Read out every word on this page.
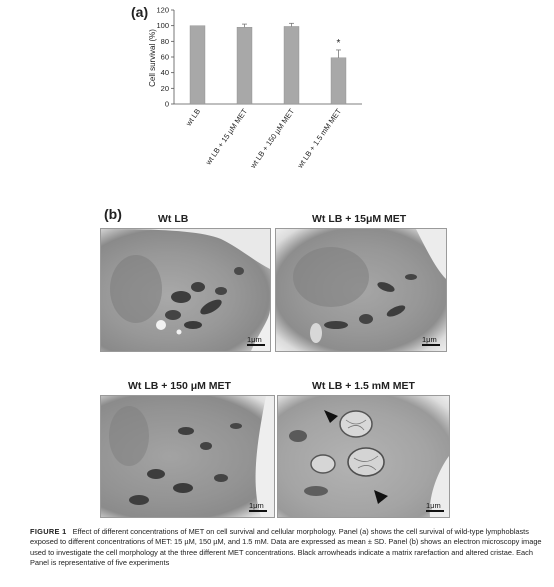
(a)
Cell survival (%)
0
20
40
60
80
100
120
wt LB wt LB + 15 µM MET wt LB + 150 µM MET
*
wt LB + 1.5 mM MET
(b)	Wt LB	Wt LB + 15μM MET
Wt LB + 150 μM MET	Wt LB + 1.5 mM MET
1μm	1μm
1μm	1μm
FIGURE 1 Effect of different concentrations of MET on cell survival and cellular morphology. Panel (a) shows the cell survival of wild-type lymphoblasts exposed to different concentrations of MET: 15 µM, 150 µM, and 1.5 mM. Data are expressed as mean ± SD. Panel (b) shows an electron microscopy image used to investigate the cell morphology at the three different MET concentrations. Black arrowheads indicate a matrix rarefaction and altered cristae. Each Panel is representative of five experiments
